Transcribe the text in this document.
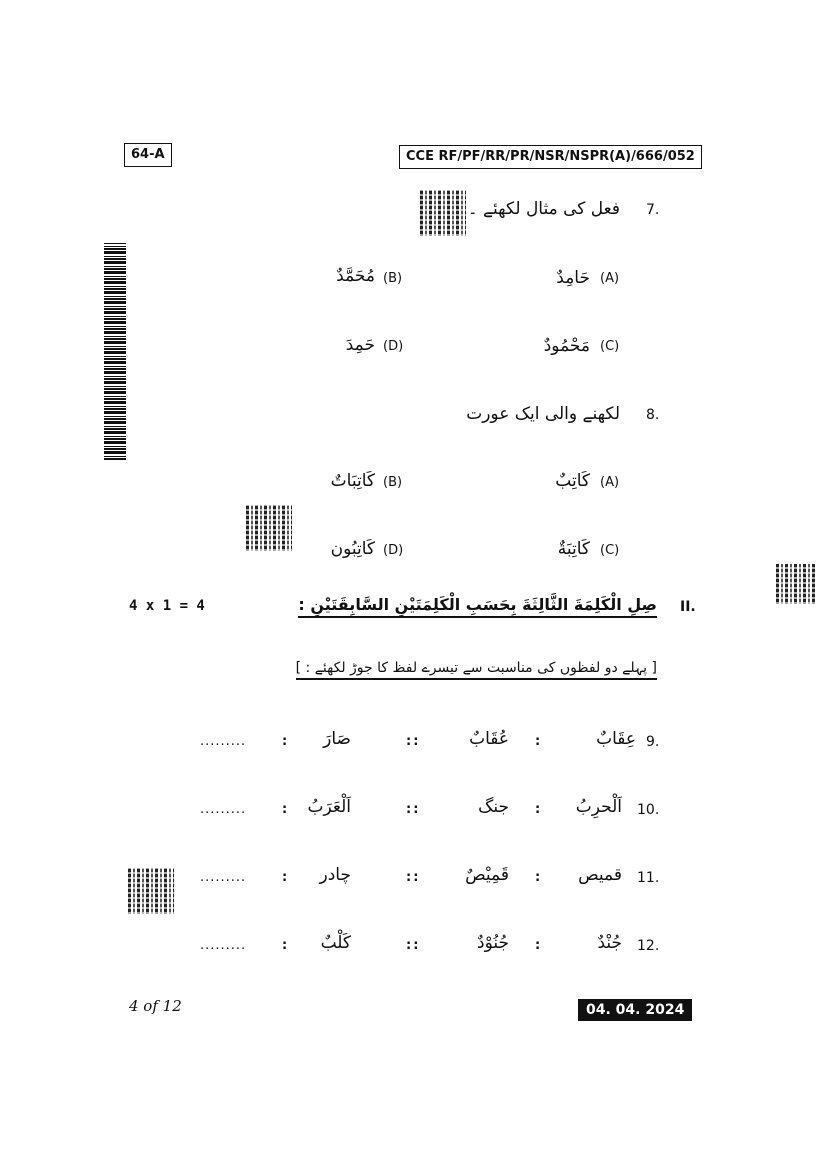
64-A	CCE RF/PF/RR/PR/NSR/NSPR(A)/666/052
7.
فعل کی مثال لکھئے ۔
(A)
حَامِدٌ
(B)
مُحَمَّدٌ
(C)
مَحْمُودٌ
(D)
حَمِدَ
8.
لکھنے والی ایک عورت
(A)
كَاتِبٌ
(B)
كَاتِبَاتٌ
(C)
كَاتِبَةٌ
(D)
كَاتِبُون
4 x 1 = 4	II.
صِلِ الْكَلِمَةَ الثَّالِثَةَ بِحَسَبِ الْكَلِمَتَيْنِ السَّابِقَتَيْنِ :
[ پہلے دو لفظوں کی مناسبت سے تیسرے لفظ کا جوڑ لکھئے : ]
9.
عِقَابٌ
:
عُقَابٌ
::
صَارَ
:
.........
10.
اَلْحرِبُ
:
جنگ
::
اَلْعَرَبُ
:
.........
11.
قمیص
:
قَمِيْصٌ
::
چادر
:
.........
12.
جُنْدٌ
:
جُنُوْدٌ
::
كَلْبٌ
:
.........
4 of 12	04. 04. 2024
